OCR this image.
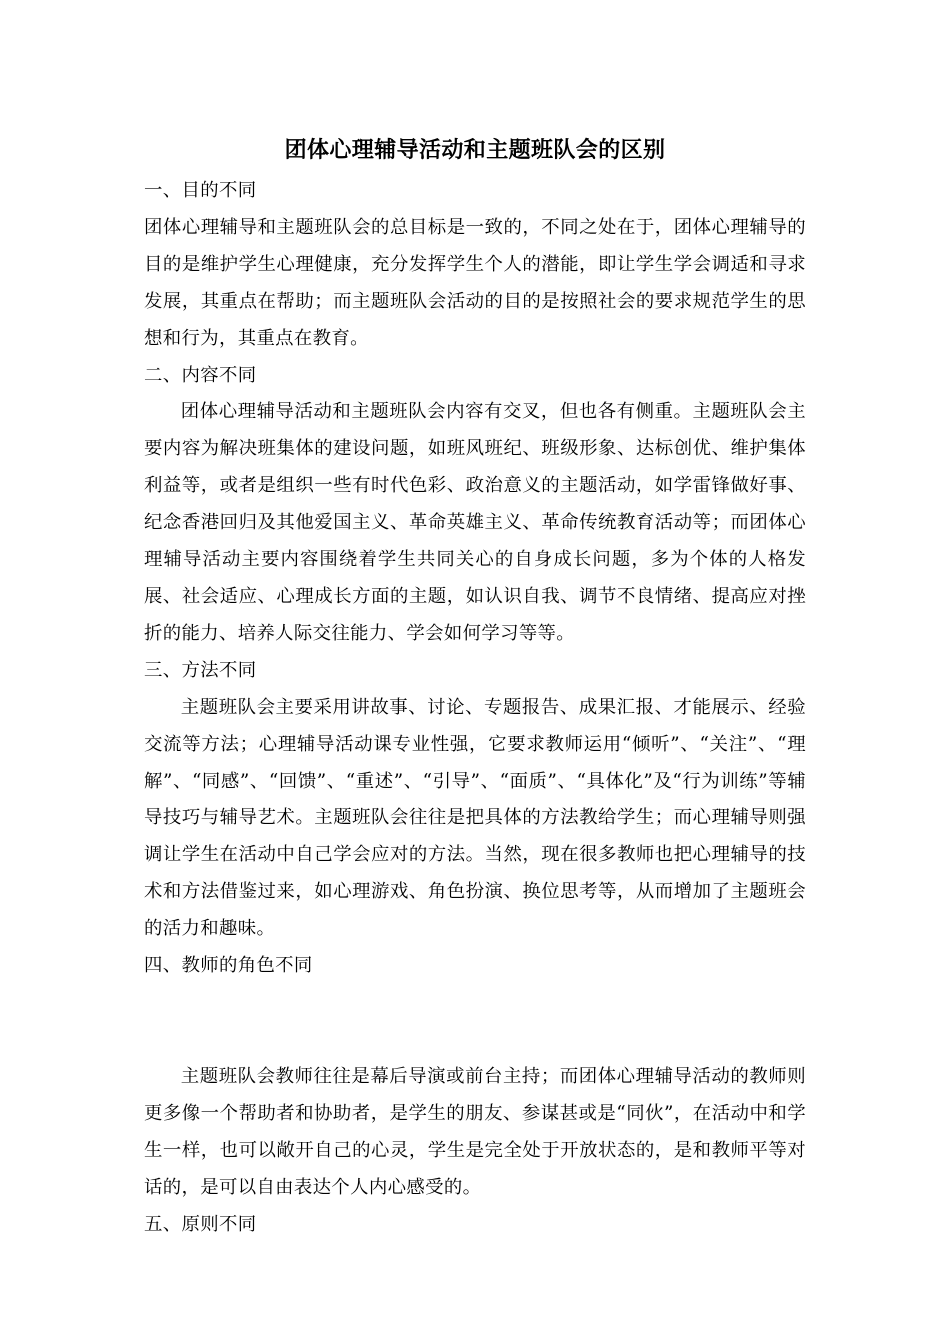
团体心理辅导活动和主题班队会的区别

一、目的不同

团体心理辅导和主题班队会的总目标是一致的，不同之处在于，团体心理辅导的目的是维护学生心理健康，充分发挥学生个人的潜能，即让学生学会调适和寻求发展，其重点在帮助；而主题班队会活动的目的是按照社会的要求规范学生的思想和行为，其重点在教育。

二、内容不同

团体心理辅导活动和主题班队会内容有交叉，但也各有侧重。主题班队会主要内容为解决班集体的建设问题，如班风班纪、班级形象、达标创优、维护集体利益等，或者是组织一些有时代色彩、政治意义的主题活动，如学雷锋做好事、纪念香港回归及其他爱国主义、革命英雄主义、革命传统教育活动等；而团体心理辅导活动主要内容围绕着学生共同关心的自身成长问题，多为个体的人格发展、社会适应、心理成长方面的主题，如认识自我、调节不良情绪、提高应对挫折的能力、培养人际交往能力、学会如何学习等等。

三、方法不同

主题班队会主要采用讲故事、讨论、专题报告、成果汇报、才能展示、经验交流等方法；心理辅导活动课专业性强，它要求教师运用“倾听”、“关注”、“理解”、“同感”、“回馈”、“重述”、“引导”、“面质”、“具体化”及“行为训练”等辅导技巧与辅导艺术。主题班队会往往是把具体的方法教给学生；而心理辅导则强调让学生在活动中自己学会应对的方法。当然，现在很多教师也把心理辅导的技术和方法借鉴过来，如心理游戏、角色扮演、换位思考等，从而增加了主题班会的活力和趣味。

四、教师的角色不同

主题班队会教师往往是幕后导演或前台主持；而团体心理辅导活动的教师则更多像一个帮助者和协助者，是学生的朋友、参谋甚或是“同伙”，在活动中和学生一样，也可以敞开自己的心灵，学生是完全处于开放状态的，是和教师平等对话的，是可以自由表达个人内心感受的。

五、原则不同
